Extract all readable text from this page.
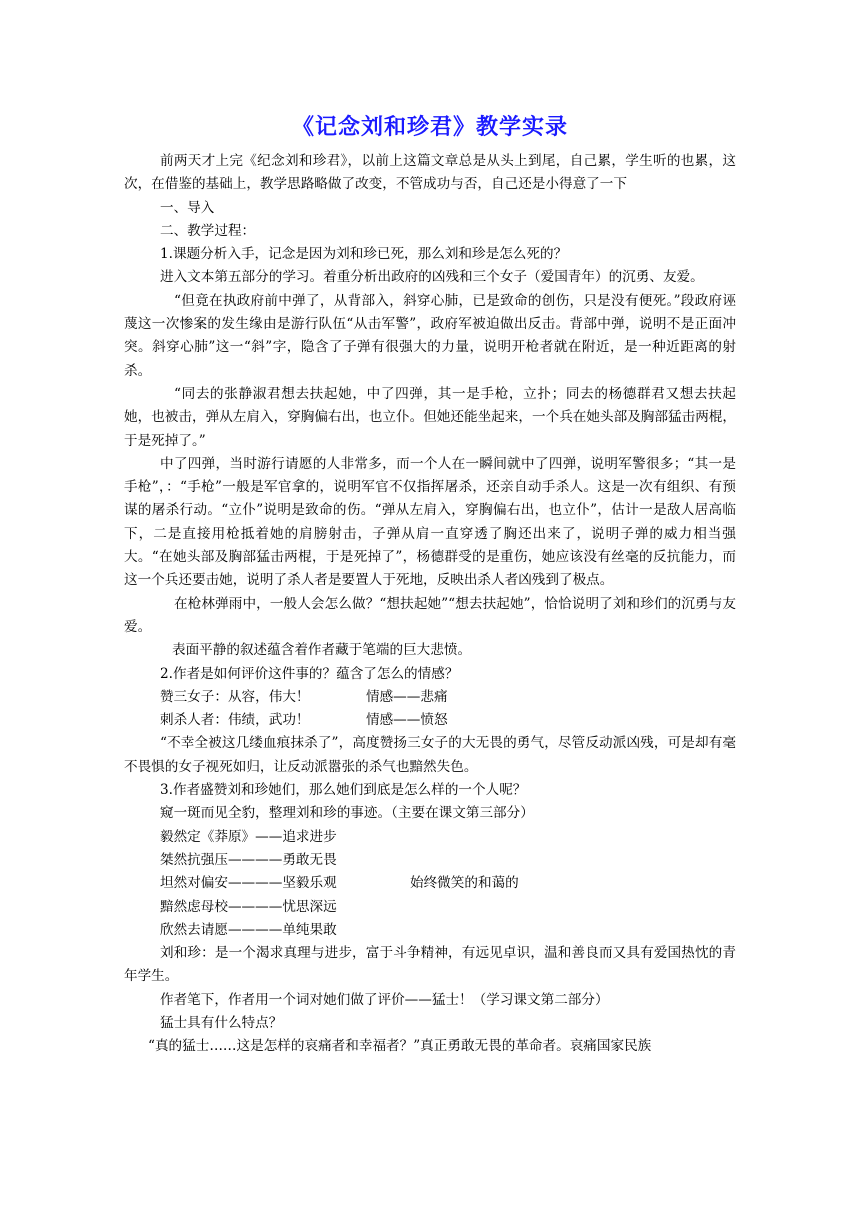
《记念刘和珍君》教学实录

前两天才上完《纪念刘和珍君》，以前上这篇文章总是从头上到尾，自己累，学生听的也累，这次，在借鉴的基础上，教学思路略做了改变，不管成功与否，自己还是小得意了一下

一、导入

二、教学过程：

1.课题分析入手，记念是因为刘和珍已死，那么刘和珍是怎么死的？

进入文本第五部分的学习。着重分析出政府的凶残和三个女子（爱国青年）的沉勇、友爱。

“但竟在执政府前中弹了，从背部入，斜穿心肺，已是致命的创伤，只是没有便死。”段政府诬蔑这一次惨案的发生缘由是游行队伍“从击军警”，政府军被迫做出反击。背部中弹，说明不是正面冲突。斜穿心肺”这一“斜”字，隐含了子弹有很强大的力量，说明开枪者就在附近，是一种近距离的射杀。

“同去的张静淑君想去扶起她，中了四弹，其一是手枪，立扑；同去的杨德群君又想去扶起她，也被击，弹从左肩入，穿胸偏右出，也立仆。但她还能坐起来，一个兵在她头部及胸部猛击两棍，于是死掉了。”

中了四弹，当时游行请愿的人非常多，而一个人在一瞬间就中了四弹，说明军警很多；“其一是手枪”，：“手枪”一般是军官拿的，说明军官不仅指挥屠杀，还亲自动手杀人。这是一次有组织、有预谋的屠杀行动。“立仆”说明是致命的伤。“弹从左肩入，穿胸偏右出，也立仆”，估计一是敌人居高临下，二是直接用枪抵着她的肩膀射击，子弹从肩一直穿透了胸还出来了，说明子弹的威力相当强大。“在她头部及胸部猛击两棍，于是死掉了”，杨德群受的是重伤，她应该没有丝毫的反抗能力，而这一个兵还要击她，说明了杀人者是要置人于死地，反映出杀人者凶残到了极点。

在枪林弹雨中，一般人会怎么做？“想扶起她”“想去扶起她”，恰恰说明了刘和珍们的沉勇与友爱。

表面平静的叙述蕴含着作者藏于笔端的巨大悲愤。

2.作者是如何评价这件事的？蕴含了怎么的情感？

赞三女子：从容，伟大！	情感——悲痛
刺杀人者：伟绩，武功！	情感——愤怒

“不幸全被这几缕血痕抹杀了”，高度赞扬三女子的大无畏的勇气，尽管反动派凶残，可是却有毫不畏惧的女子视死如归，让反动派嚣张的杀气也黯然失色。

3.作者盛赞刘和珍她们，那么她们到底是怎么样的一个人呢？

窥一斑而见全豹，整理刘和珍的事迹。（主要在课文第三部分）

毅然定《莽原》——追求进步
桀然抗强压————勇敢无畏
坦然对偏安————坚毅乐观	始终微笑的和蔼的
黯然虑母校————忧思深远
欣然去请愿————单纯果敢

刘和珍：是一个渴求真理与进步，富于斗争精神，有远见卓识，温和善良而又具有爱国热忱的青年学生。

作者笔下，作者用一个词对她们做了评价——猛士！（学习课文第二部分）

猛士具有什么特点？

“真的猛士……这是怎样的哀痛者和幸福者？”真正勇敢无畏的革命者。哀痛国家民族
